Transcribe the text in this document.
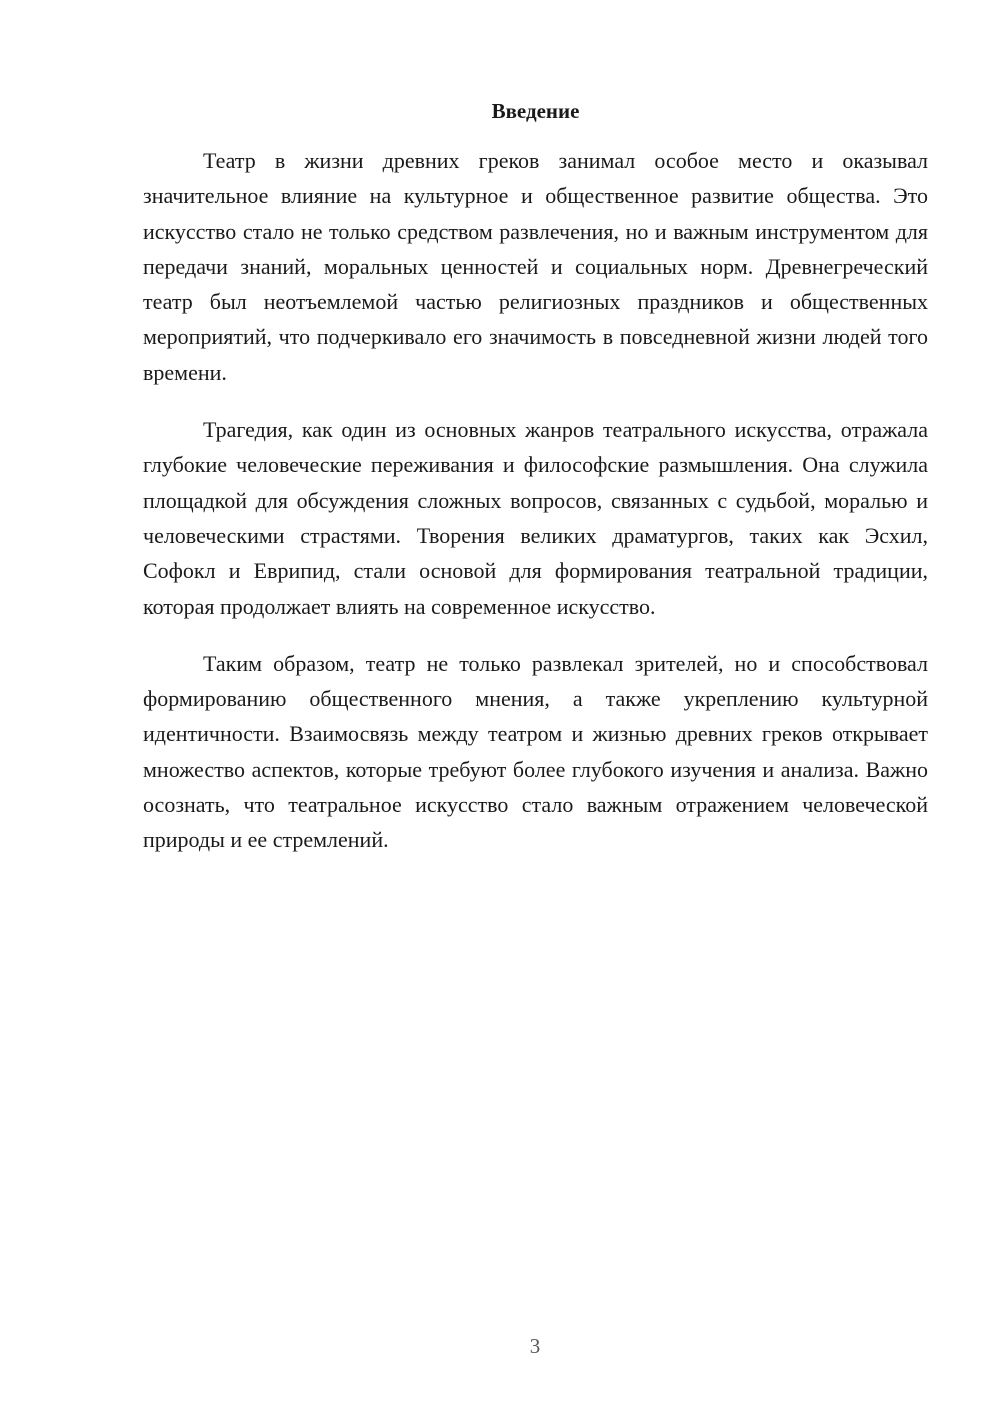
Введение

Театр в жизни древних греков занимал особое место и оказывал значительное влияние на культурное и общественное развитие общества. Это искусство стало не только средством развлечения, но и важным инструментом для передачи знаний, моральных ценностей и социальных норм. Древнегреческий театр был неотъемлемой частью религиозных праздников и общественных мероприятий, что подчеркивало его значимость в повседневной жизни людей того времени.

Трагедия, как один из основных жанров театрального искусства, отражала глубокие человеческие переживания и философские размышления. Она служила площадкой для обсуждения сложных вопросов, связанных с судьбой, моралью и человеческими страстями. Творения великих драматургов, таких как Эсхил, Софокл и Еврипид, стали основой для формирования театральной традиции, которая продолжает влиять на современное искусство.

Таким образом, театр не только развлекал зрителей, но и способствовал формированию общественного мнения, а также укреплению культурной идентичности. Взаимосвязь между театром и жизнью древних греков открывает множество аспектов, которые требуют более глубокого изучения и анализа. Важно осознать, что театральное искусство стало важным отражением человеческой природы и ее стремлений.

3
